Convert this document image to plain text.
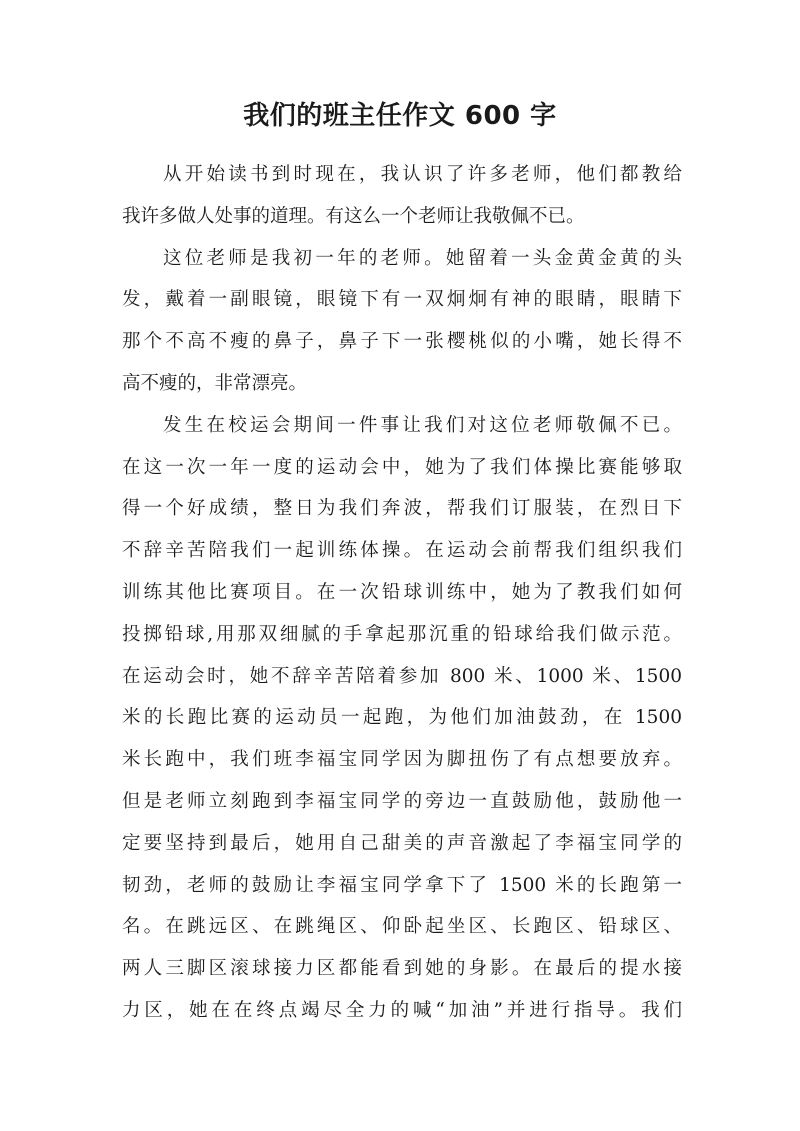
我们的班主任作文 600 字
从开始读书到时现在，我认识了许多老师，他们都教给
我许多做人处事的道理。有这么一个老师让我敬佩不已。
这位老师是我初一年的老师。她留着一头金黄金黄的头
发，戴着一副眼镜，眼镜下有一双炯炯有神的眼睛，眼睛下
那个不高不瘦的鼻子，鼻子下一张樱桃似的小嘴，她长得不
高不瘦的，非常漂亮。
发生在校运会期间一件事让我们对这位老师敬佩不已。
在这一次一年一度的运动会中，她为了我们体操比赛能够取
得一个好成绩，整日为我们奔波，帮我们订服装，在烈日下
不辞辛苦陪我们一起训练体操。在运动会前帮我们组织我们
训练其他比赛项目。在一次铅球训练中，她为了教我们如何
投掷铅球,用那双细腻的手拿起那沉重的铅球给我们做示范。
在运动会时，她不辞辛苦陪着参加 800 米、1000 米、1500
米的长跑比赛的运动员一起跑，为他们加油鼓劲，在 1500
米长跑中，我们班李福宝同学因为脚扭伤了有点想要放弃。
但是老师立刻跑到李福宝同学的旁边一直鼓励他，鼓励他一
定要坚持到最后，她用自己甜美的声音激起了李福宝同学的
韧劲，老师的鼓励让李福宝同学拿下了 1500 米的长跑第一
名。在跳远区、在跳绳区、仰卧起坐区、长跑区、铅球区、
两人三脚区滚球接力区都能看到她的身影。在最后的提水接
力区，她在在终点竭尽全力的喊“加油”并进行指导。我们
